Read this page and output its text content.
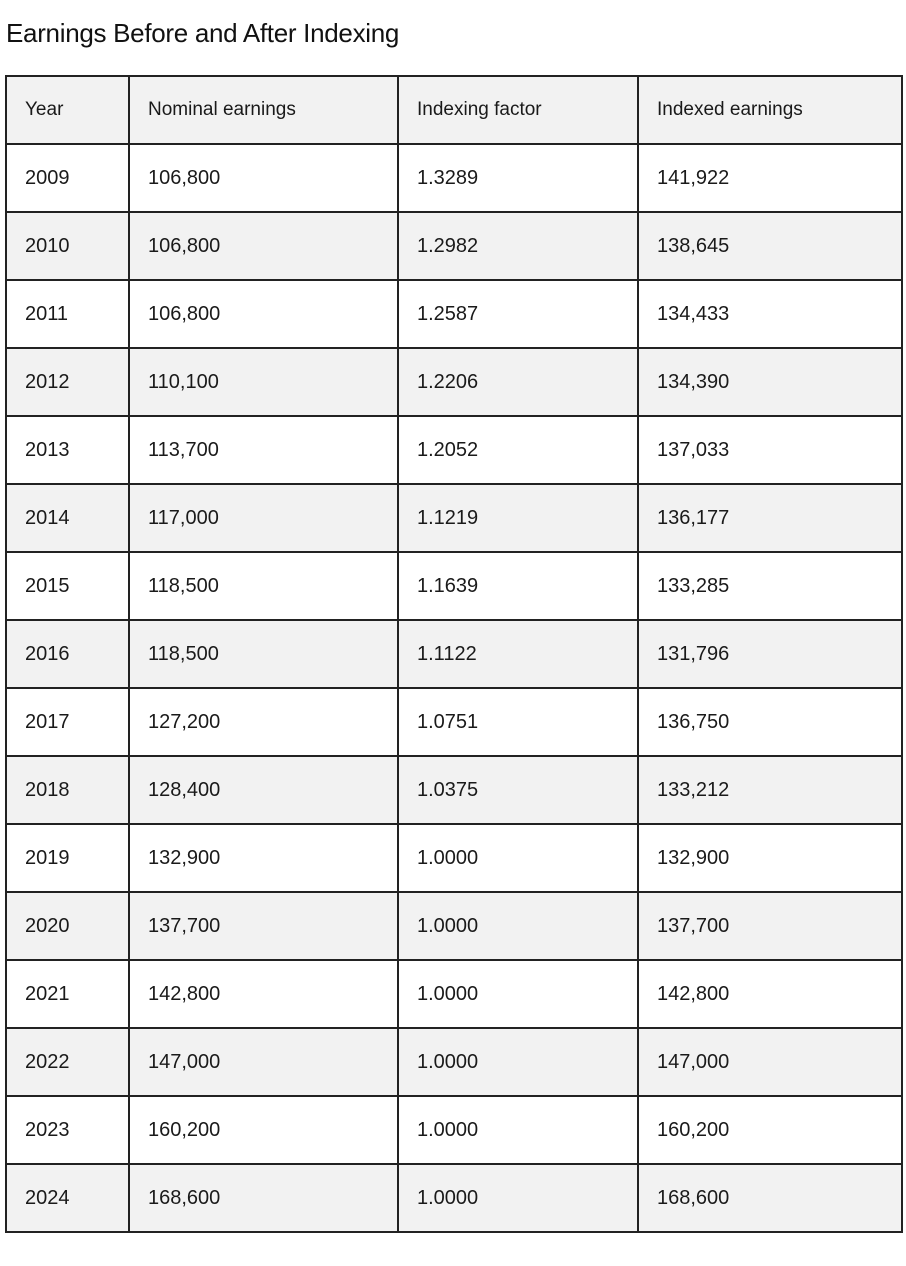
Earnings Before and After Indexing
Year	Nominal earnings	Indexing factor	Indexed earnings
2009	106,800	1.3289	141,922
2010	106,800	1.2982	138,645
2011	106,800	1.2587	134,433
2012	110,100	1.2206	134,390
2013	113,700	1.2052	137,033
2014	117,000	1.1219	136,177
2015	118,500	1.1639	133,285
2016	118,500	1.1122	131,796
2017	127,200	1.0751	136,750
2018	128,400	1.0375	133,212
2019	132,900	1.0000	132,900
2020	137,700	1.0000	137,700
2021	142,800	1.0000	142,800
2022	147,000	1.0000	147,000
2023	160,200	1.0000	160,200
2024	168,600	1.0000	168,600
